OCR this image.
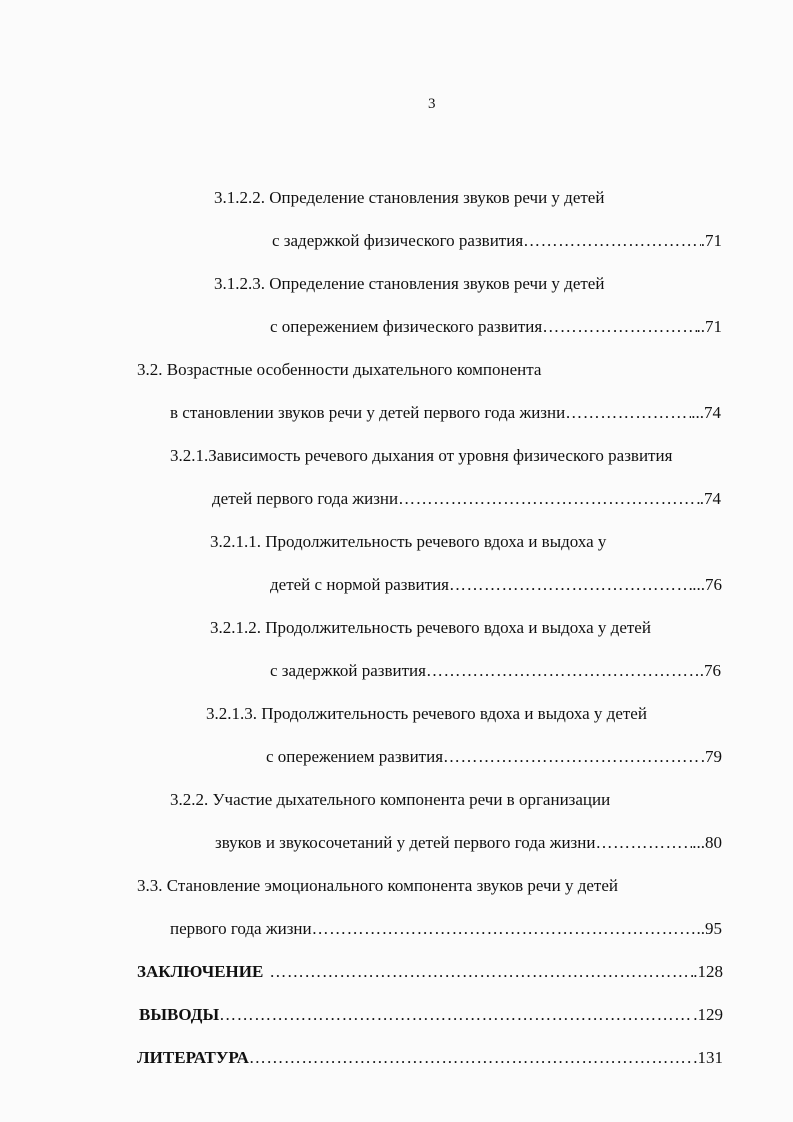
3
3.1.2.2. Определение становления звуков речи у детей
с задержкой физического развития …………………………………………………………………………………………………………………………………………………………………………	.71
3.1.2.3. Определение становления звуков речи у детей
с опережением физического развития …………………………………………………………………………………………………………………………………………………………………………	..71
3.2. Возрастные особенности дыхательного компонента
в становлении звуков речи у детей первого года жизни …………………………………………………………………………………………………………………………………………………………………………	...74
3.2.1.Зависимость речевого дыхания от уровня физического развития
детей первого года жизни …………………………………………………………………………………………………………………………………………………………………………	.74
3.2.1.1. Продолжительность речевого вдоха и выдоха у
детей с нормой развития …………………………………………………………………………………………………………………………………………………………………………	...76
3.2.1.2. Продолжительность речевого вдоха и выдоха у детей
с задержкой развития …………………………………………………………………………………………………………………………………………………………………………	.76
3.2.1.3. Продолжительность речевого вдоха и выдоха у детей
с опережением развития …………………………………………………………………………………………………………………………………………………………………………	.79
3.2.2. Участие дыхательного компонента речи в организации
звуков и звукосочетаний у детей первого года жизни …………………………………………………………………………………………………………………………………………………………………………	...80
3.3. Становление эмоционального компонента звуков речи у детей
первого года жизни …………………………………………………………………………………………………………………………………………………………………………	..95
ЗАКЛЮЧЕНИЕ …………………………………………………………………………………………………………………………………………………………………………	.128
ВЫВОДЫ …………………………………………………………………………………………………………………………………………………………………………	.129
ЛИТЕРАТУРА …………………………………………………………………………………………………………………………………………………………………………	.131
